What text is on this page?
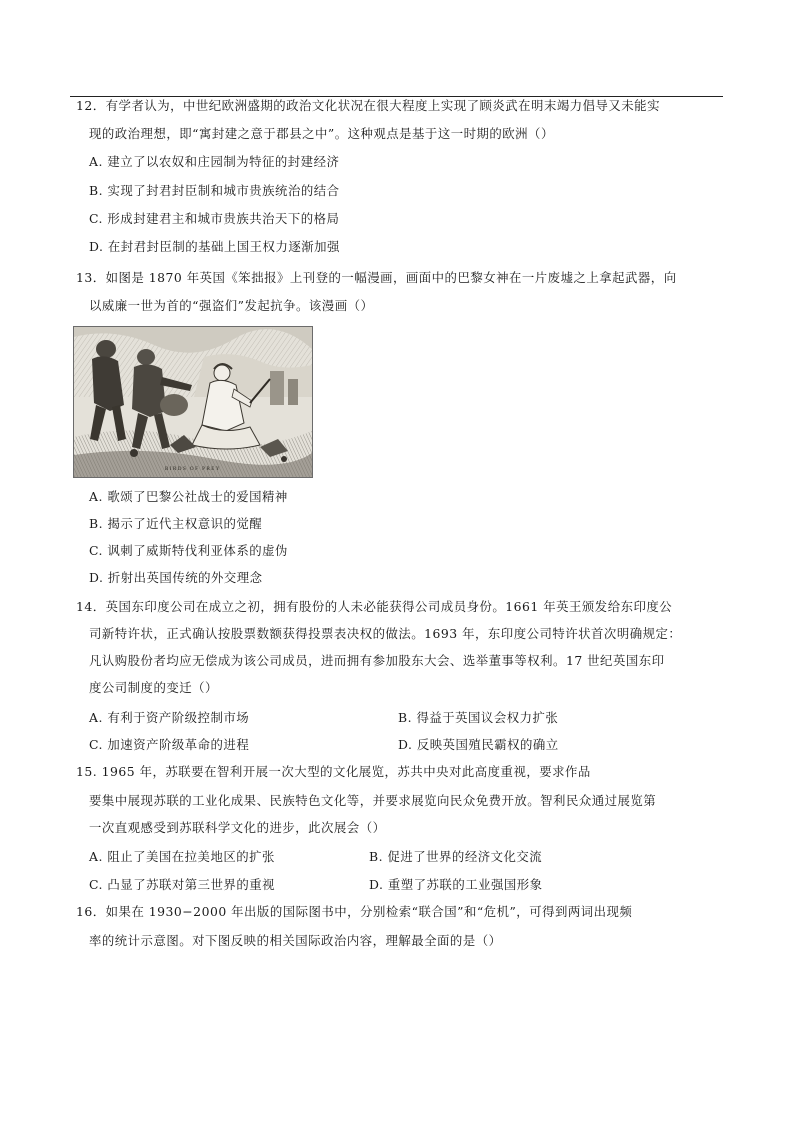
12．有学者认为，中世纪欧洲盛期的政治文化状况在很大程度上实现了顾炎武在明末竭力倡导又未能实
现的政治理想，即“寓封建之意于郡县之中”。这种观点是基于这一时期的欧洲（）
A. 建立了以农奴和庄园制为特征的封建经济
B. 实现了封君封臣制和城市贵族统治的结合
C. 形成封建君主和城市贵族共治天下的格局
D. 在封君封臣制的基础上国王权力逐渐加强
13．如图是 1870 年英国《笨拙报》上刊登的一幅漫画，画面中的巴黎女神在一片废墟之上拿起武器，向
以威廉一世为首的“强盗们”发起抗争。该漫画（）
BIRDS OF PREY
A. 歌颂了巴黎公社战士的爱国精神
B. 揭示了近代主权意识的觉醒
C. 讽刺了威斯特伐利亚体系的虚伪
D. 折射出英国传统的外交理念
14．英国东印度公司在成立之初，拥有股份的人未必能获得公司成员身份。1661 年英王颁发给东印度公
司新特许状，正式确认按股票数额获得投票表决权的做法。1693 年，东印度公司特许状首次明确规定：
凡认购股份者均应无偿成为该公司成员，进而拥有参加股东大会、选举董事等权利。17 世纪英国东印
度公司制度的变迁（）
A. 有利于资产阶级控制市场	B. 得益于英国议会权力扩张
C. 加速资产阶级革命的进程	D. 反映英国殖民霸权的确立
15. 1965 年，苏联要在智利开展一次大型的文化展览，苏共中央对此高度重视，要求作品
要集中展现苏联的工业化成果、民族特色文化等，并要求展览向民众免费开放。智利民众通过展览第
一次直观感受到苏联科学文化的进步，此次展会（）
A. 阻止了美国在拉美地区的扩张	B. 促进了世界的经济文化交流
C. 凸显了苏联对第三世界的重视	D. 重塑了苏联的工业强国形象
16．如果在 1930−2000 年出版的国际图书中，分别检索“联合国”和“危机”，可得到两词出现频
率的统计示意图。对下图反映的相关国际政治内容，理解最全面的是（）
